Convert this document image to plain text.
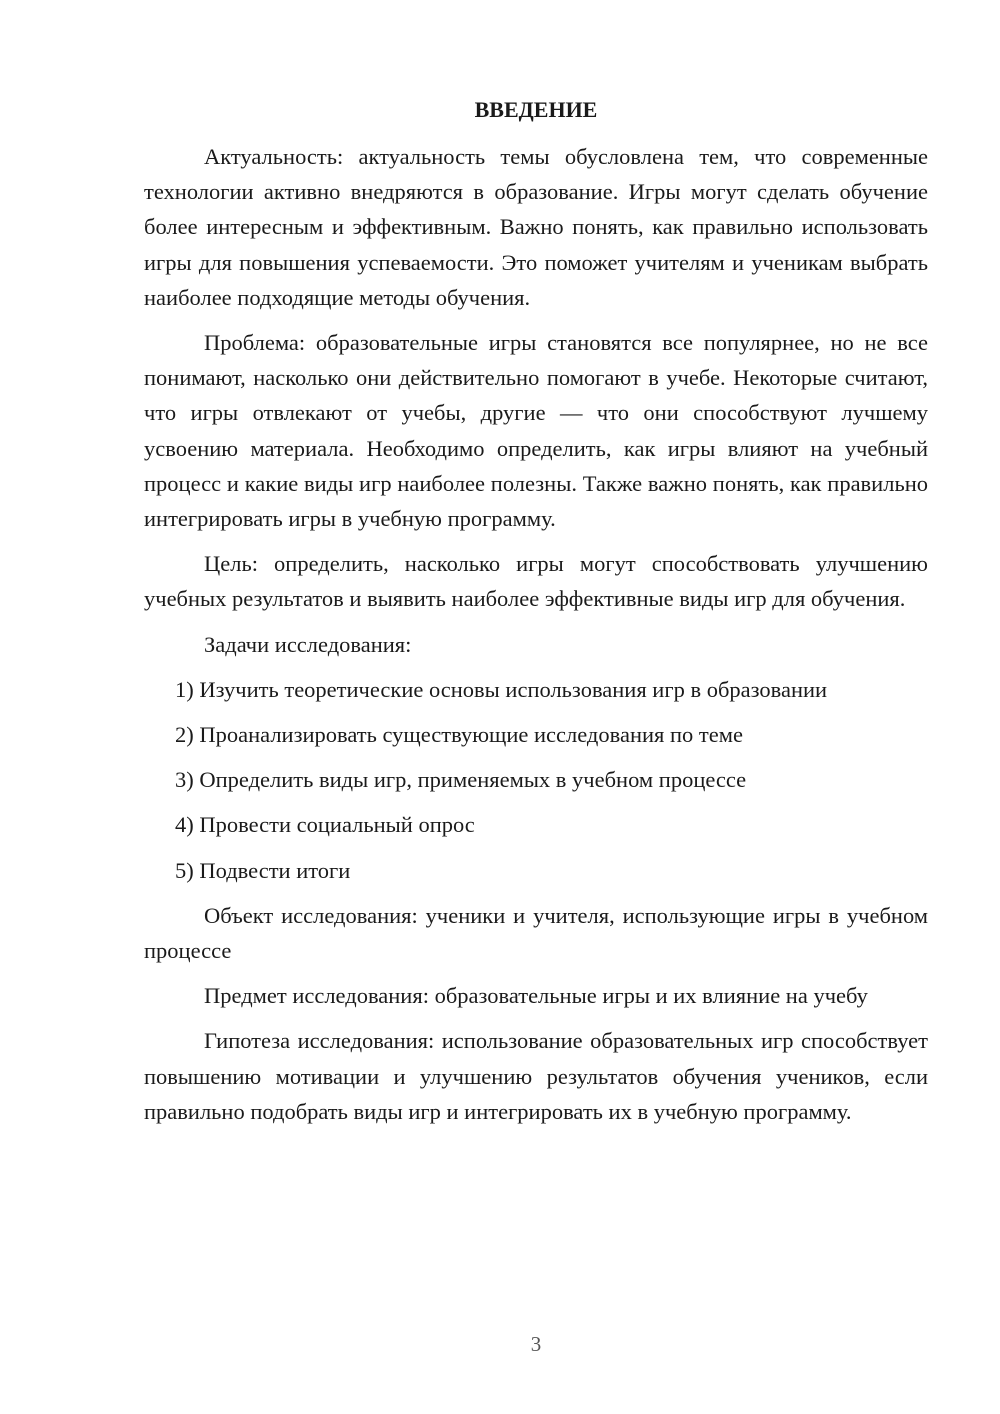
ВВЕДЕНИЕ

Актуальность: актуальность темы обусловлена тем, что современные технологии активно внедряются в образование. Игры могут сделать обучение более интересным и эффективным. Важно понять, как правильно использовать игры для повышения успеваемости. Это поможет учителям и ученикам выбрать наиболее подходящие методы обучения.

Проблема: образовательные игры становятся все популярнее, но не все понимают, насколько они действительно помогают в учебе. Некоторые считают, что игры отвлекают от учебы, другие — что они способствуют лучшему усвоению материала. Необходимо определить, как игры влияют на учебный процесс и какие виды игр наиболее полезны. Также важно понять, как правильно интегрировать игры в учебную программу.

Цель: определить, насколько игры могут способствовать улучшению учебных результатов и выявить наиболее эффективные виды игр для обучения.

Задачи исследования:

1) Изучить теоретические основы использования игр в образовании
2) Проанализировать существующие исследования по теме
3) Определить виды игр, применяемых в учебном процессе
4) Провести социальный опрос
5) Подвести итоги

Объект исследования: ученики и учителя, использующие игры в учебном процессе

Предмет исследования: образовательные игры и их влияние на учебу

Гипотеза исследования: использование образовательных игр способствует повышению мотивации и улучшению результатов обучения учеников, если правильно подобрать виды игр и интегрировать их в учебную программу.

3
